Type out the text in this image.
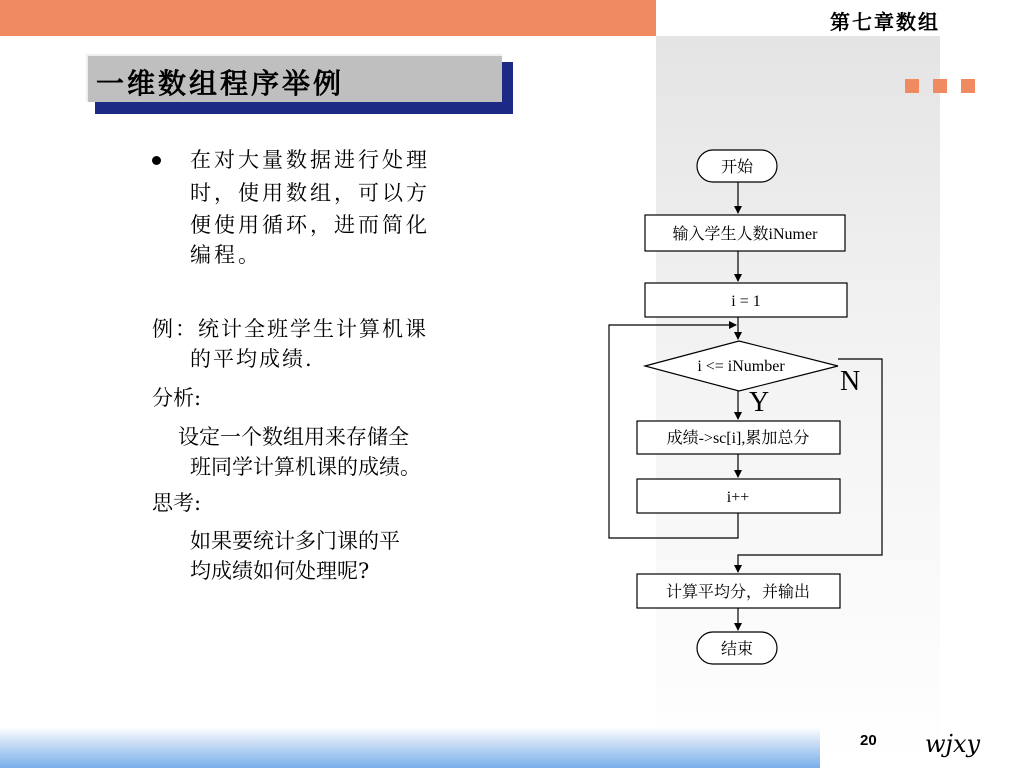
第七章数组
一维数组程序举例
在对大量数据进行处理
时，使用数组，可以方
便使用循环，进而简化
编程。
例：统计全班学生计算机课
的平均成绩.
分析:
设定一个数组用来存储全
班同学计算机课的成绩。
思考:
如果要统计多门课的平
均成绩如何处理呢?
开始
输入学生人数iNumer
i = 1
i <= iNumber
成绩->sc[i],累加总分
i++
计算平均分，并输出
结束
Y
N
20 wjxy
